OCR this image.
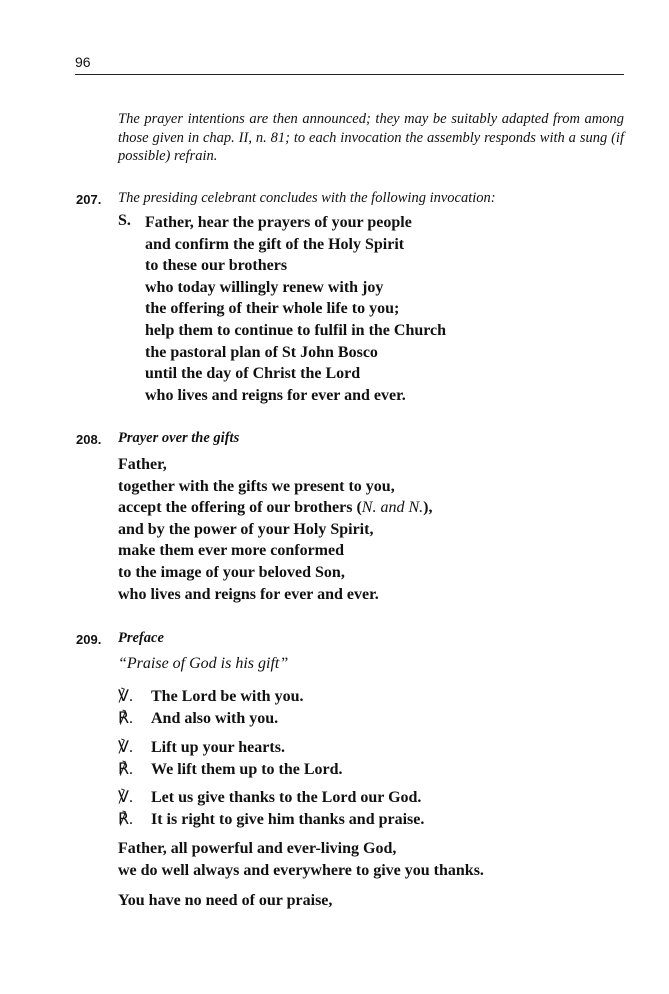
96

The prayer intentions are then announced; they may be suitably adapted from among those given in chap. II, n. 81; to each invocation the assembly responds with a sung (if possible) refrain.

207. The presiding celebrant concludes with the following invocation:
S. Father, hear the prayers of your people
and confirm the gift of the Holy Spirit
to these our brothers
who today willingly renew with joy
the offering of their whole life to you;
help them to continue to fulfil in the Church
the pastoral plan of St John Bosco
until the day of Christ the Lord
who lives and reigns for ever and ever.
208. Prayer over the gifts
Father,
together with the gifts we present to you,
accept the offering of our brothers (N. and N.),
and by the power of your Holy Spirit,
make them ever more conformed
to the image of your beloved Son,
who lives and reigns for ever and ever.
209. Preface
“Praise of God is his gift”
℣. The Lord be with you.
℟. And also with you.
℣. Lift up your hearts.
℟. We lift them up to the Lord.
℣. Let us give thanks to the Lord our God.
℟. It is right to give him thanks and praise.
Father, all powerful and ever-living God,
we do well always and everywhere to give you thanks.
You have no need of our praise,
